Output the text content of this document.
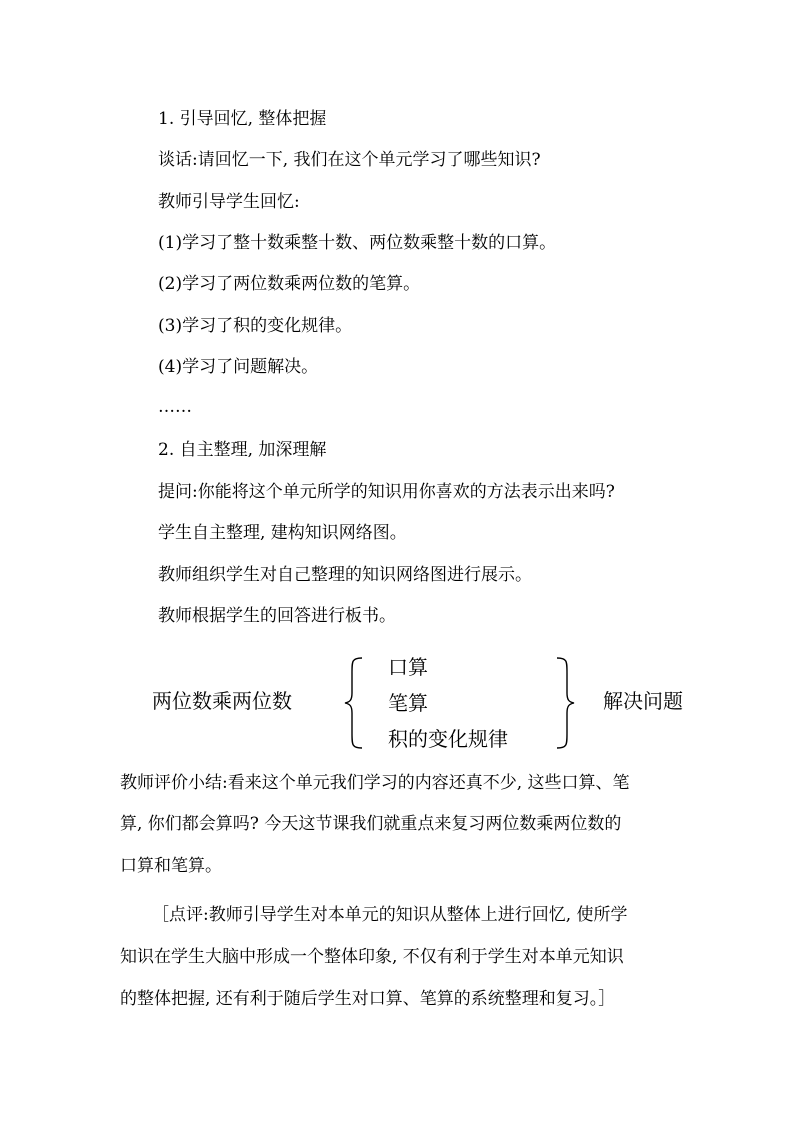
1. 引导回忆, 整体把握
谈话:请回忆一下, 我们在这个单元学习了哪些知识?
教师引导学生回忆:
(1)学习了整十数乘整十数、两位数乘整十数的口算。
(2)学习了两位数乘两位数的笔算。
(3)学习了积的变化规律。
(4)学习了问题解决。
……
2. 自主整理, 加深理解
提问:你能将这个单元所学的知识用你喜欢的方法表示出来吗?
学生自主整理, 建构知识网络图。
教师组织学生对自己整理的知识网络图进行展示。
教师根据学生的回答进行板书。
两位数乘两位数
口算
笔算
积的变化规律
解决问题
教师评价小结:看来这个单元我们学习的内容还真不少, 这些口算、笔
算, 你们都会算吗? 今天这节课我们就重点来复习两位数乘两位数的
口算和笔算。
［点评:教师引导学生对本单元的知识从整体上进行回忆, 使所学
知识在学生大脑中形成一个整体印象, 不仅有利于学生对本单元知识
的整体把握, 还有利于随后学生对口算、笔算的系统整理和复习。］
